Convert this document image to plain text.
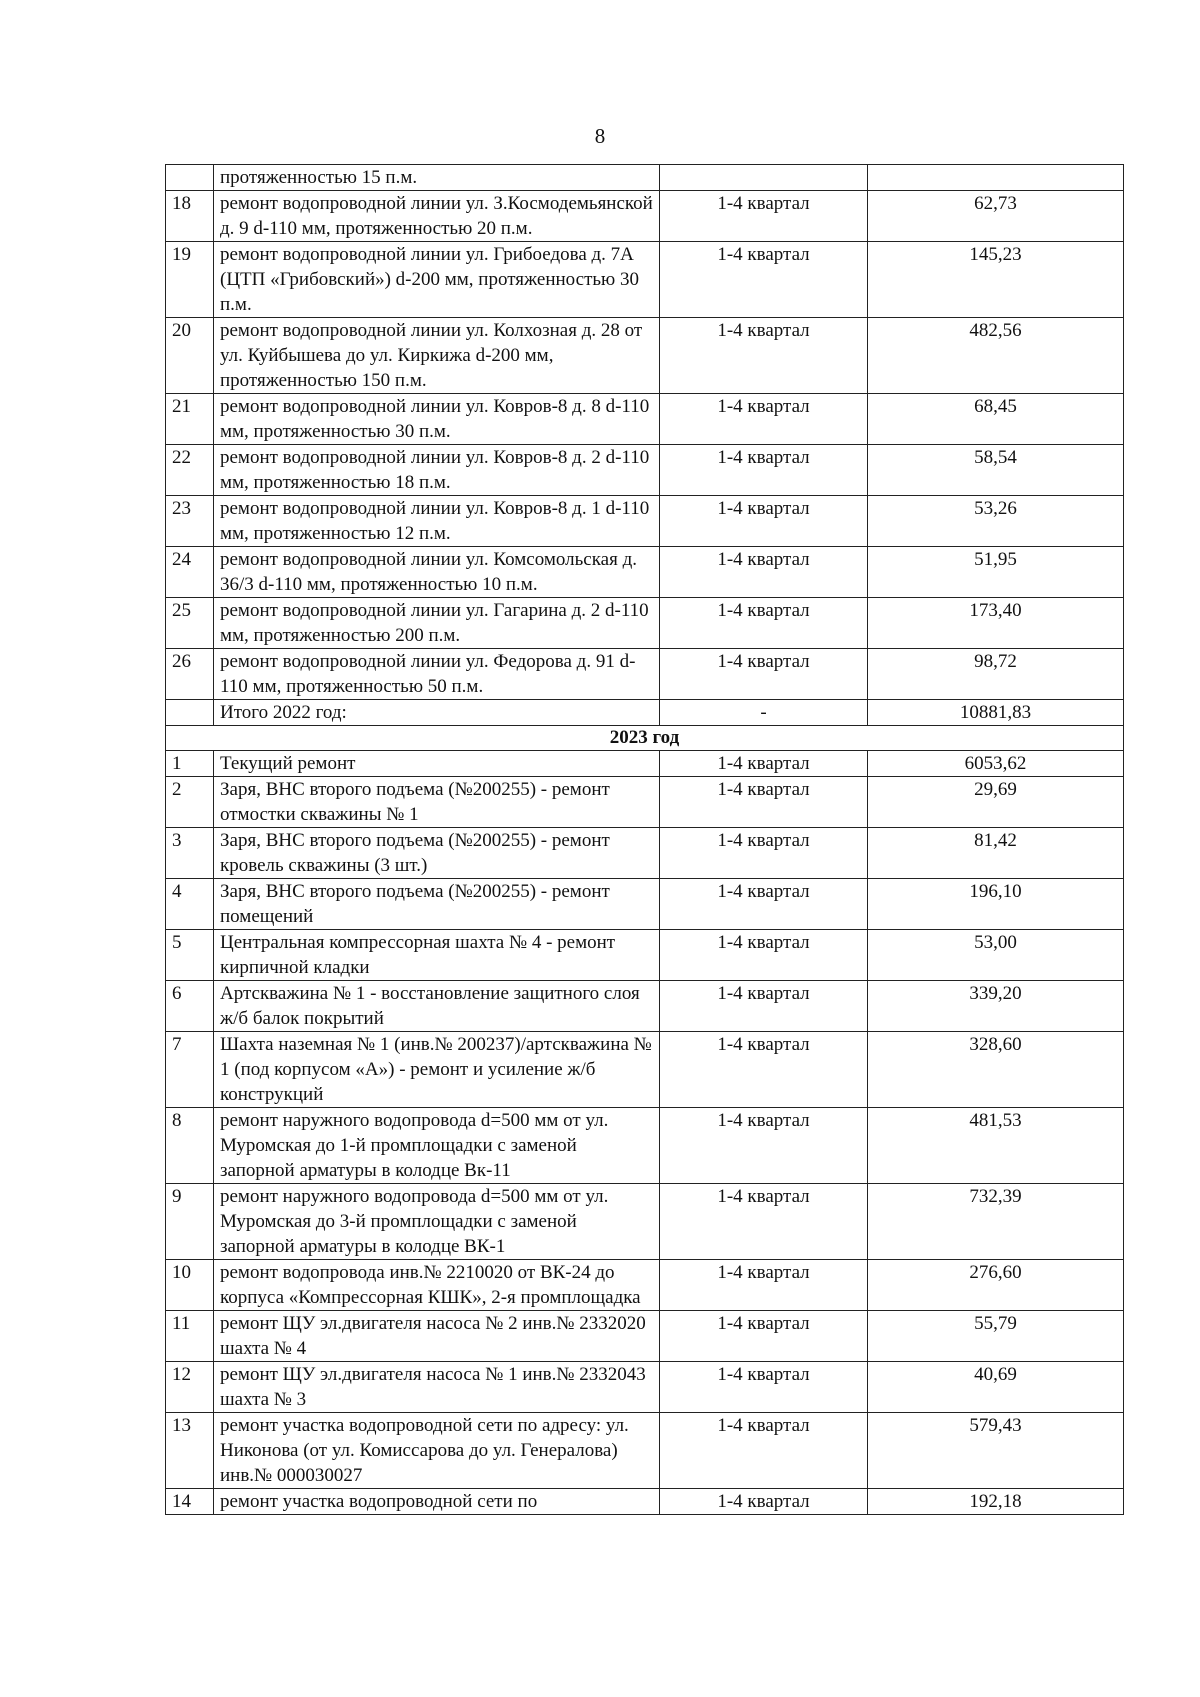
8
	протяженностью 15 п.м.		
18	ремонт водопроводной линии ул. З.Космодемьянской д. 9 d-110 мм, протяженностью 20 п.м.	1-4 квартал	62,73
19	ремонт водопроводной линии ул. Грибоедова д. 7А (ЦТП «Грибовский») d-200 мм, протяженностью 30 п.м.	1-4 квартал	145,23
20	ремонт водопроводной линии ул. Колхозная д. 28 от ул. Куйбышева до ул. Киркижа d-200 мм, протяженностью 150 п.м.	1-4 квартал	482,56
21	ремонт водопроводной линии ул. Ковров-8 д. 8 d-110 мм, протяженностью 30 п.м.	1-4 квартал	68,45
22	ремонт водопроводной линии ул. Ковров-8 д. 2 d-110 мм, протяженностью 18 п.м.	1-4 квартал	58,54
23	ремонт водопроводной линии ул. Ковров-8 д. 1 d-110 мм, протяженностью 12 п.м.	1-4 квартал	53,26
24	ремонт водопроводной линии ул. Комсомольская д. 36/3 d-110 мм, протяженностью 10 п.м.	1-4 квартал	51,95
25	ремонт водопроводной линии ул. Гагарина д. 2 d-110 мм, протяженностью 200 п.м.	1-4 квартал	173,40
26	ремонт водопроводной линии ул. Федорова д. 91 d-110 мм, протяженностью 50 п.м.	1-4 квартал	98,72
	Итого 2022 год:	-	10881,83
2023 год			
1	Текущий ремонт	1-4 квартал	6053,62
2	Заря, ВНС второго подъема (№200255) - ремонт отмостки скважины № 1	1-4 квартал	29,69
3	Заря, ВНС второго подъема (№200255) - ремонт кровель скважины (3 шт.)	1-4 квартал	81,42
4	Заря, ВНС второго подъема (№200255) - ремонт помещений	1-4 квартал	196,10
5	Центральная компрессорная шахта № 4 - ремонт кирпичной кладки	1-4 квартал	53,00
6	Артскважина № 1 - восстановление защитного слоя ж/б балок покрытий	1-4 квартал	339,20
7	Шахта наземная № 1 (инв.№ 200237)/артскважина № 1 (под корпусом «А») - ремонт и усиление ж/б конструкций	1-4 квартал	328,60
8	ремонт наружного водопровода d=500 мм от ул. Муромская до 1-й промплощадки с заменой запорной арматуры в колодце Вк-11	1-4 квартал	481,53
9	ремонт наружного водопровода d=500 мм от ул. Муромская до 3-й промплощадки с заменой запорной арматуры в колодце ВК-1	1-4 квартал	732,39
10	ремонт водопровода инв.№ 2210020 от ВК-24 до корпуса «Компрессорная КШК», 2-я промплощадка	1-4 квартал	276,60
11	ремонт ЩУ эл.двигателя насоса № 2 инв.№ 2332020 шахта № 4	1-4 квартал	55,79
12	ремонт ЩУ эл.двигателя насоса № 1 инв.№ 2332043 шахта № 3	1-4 квартал	40,69
13	ремонт участка водопроводной сети по адресу: ул. Никонова (от ул. Комиссарова до ул. Генералова) инв.№ 000030027	1-4 квартал	579,43
14	ремонт участка водопроводной сети по	1-4 квартал	192,18
